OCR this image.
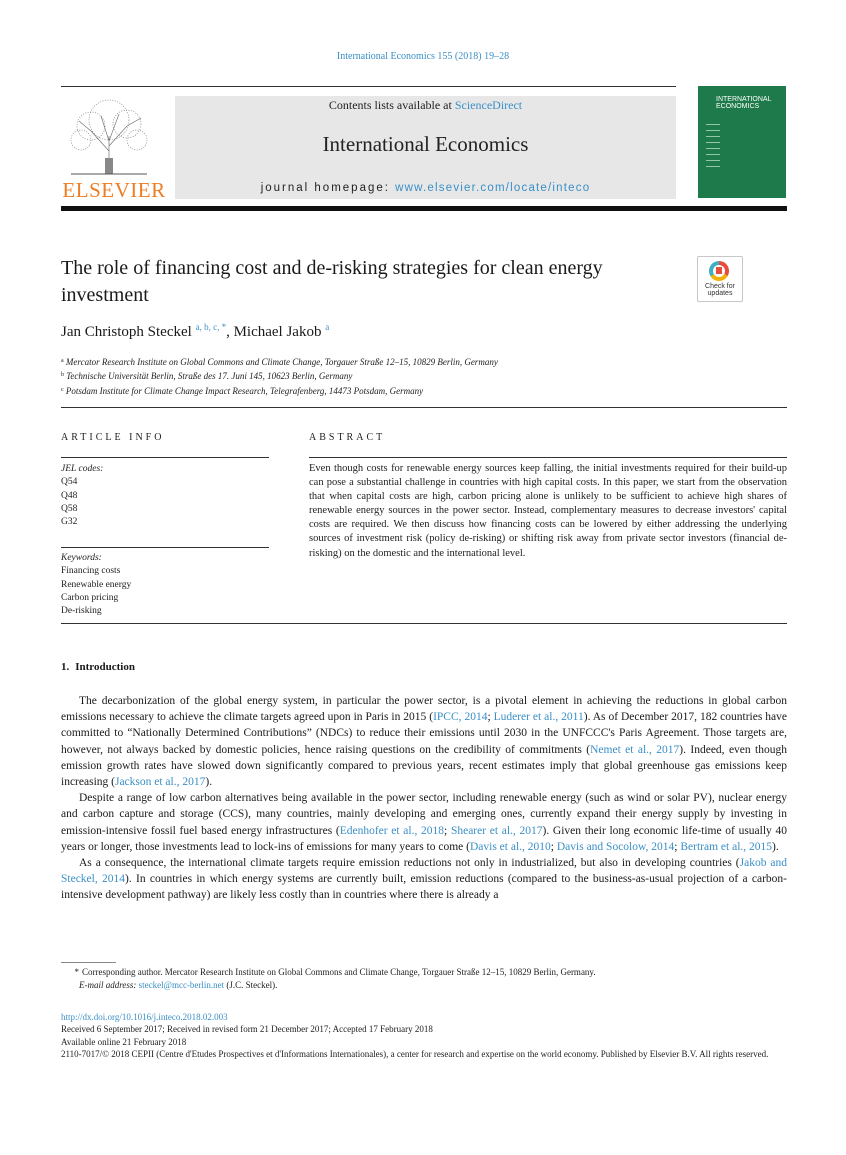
International Economics 155 (2018) 19–28
ELSEVIER
Contents lists available at ScienceDirect
International Economics
journal homepage: www.elsevier.com/locate/inteco
INTERNATIONAL
ECONOMICS
The role of financing cost and de-risking strategies for clean energy investment	Check for
updates
Jan Christoph Steckel $^{a, b, c, *}$, Michael Jakob $^a$
$^a$ Mercator Research Institute on Global Commons and Climate Change, Torgauer Straße 12–15, 10829 Berlin, Germany
$^b$ Technische Universität Berlin, Straße des 17. Juni 145, 10623 Berlin, Germany
$^c$ Potsdam Institute for Climate Change Impact Research, Telegrafenberg, 14473 Potsdam, Germany
ARTICLE INFO	ABSTRACT
JEL codes:
Q54
Q48
Q58
G32
Keywords:
Financing costs
Renewable energy
Carbon pricing
De-risking
Even though costs for renewable energy sources keep falling, the initial investments required for their build-up can pose a substantial challenge in countries with high capital costs. In this paper, we start from the observation that when capital costs are high, carbon pricing alone is unlikely to be sufficient to achieve high shares of renewable energy sources in the power sector. Instead, complementary measures to decrease investors' capital costs are required. We then discuss how financing costs can be lowered by either addressing the underlying sources of investment risk (policy de-risking) or shifting risk away from private sector investors (financial de-risking) on the domestic and the international level.
1. Introduction

The decarbonization of the global energy system, in particular the power sector, is a pivotal element in achieving the reductions in global carbon emissions necessary to achieve the climate targets agreed upon in Paris in 2015 (IPCC, 2014; Luderer et al., 2011). As of December 2017, 182 countries have committed to “Nationally Determined Contributions” (NDCs) to reduce their emissions until 2030 in the UNFCCC's Paris Agreement. Those targets are, however, not always backed by domestic policies, hence raising questions on the credibility of commitments (Nemet et al., 2017). Indeed, even though emission growth rates have slowed down significantly compared to previous years, recent estimates imply that global greenhouse gas emissions keep increasing (Jackson et al., 2017).

Despite a range of low carbon alternatives being available in the power sector, including renewable energy (such as wind or solar PV), nuclear energy and carbon capture and storage (CCS), many countries, mainly developing and emerging ones, currently expand their energy supply by investing in emission-intensive fossil fuel based energy infrastructures (Edenhofer et al., 2018; Shearer et al., 2017). Given their long economic life-time of usually 40 years or longer, those investments lead to lock-ins of emissions for many years to come (Davis et al., 2010; Davis and Socolow, 2014; Bertram et al., 2015).

As a consequence, the international climate targets require emission reductions not only in industrialized, but also in developing countries (Jakob and Steckel, 2014). In countries in which energy systems are currently built, emission reductions (compared to the business-as-usual projection of a carbon-intensive development pathway) are likely less costly than in countries where there is already a

* Corresponding author. Mercator Research Institute on Global Commons and Climate Change, Torgauer Straße 12–15, 10829 Berlin, Germany.
E-mail address: steckel@mcc-berlin.net (J.C. Steckel).
http://dx.doi.org/10.1016/j.inteco.2018.02.003
Received 6 September 2017; Received in revised form 21 December 2017; Accepted 17 February 2018
Available online 21 February 2018
2110-7017/© 2018 CEPII (Centre d'Etudes Prospectives et d'Informations Internationales), a center for research and expertise on the world economy. Published by Elsevier B.V. All rights reserved.
